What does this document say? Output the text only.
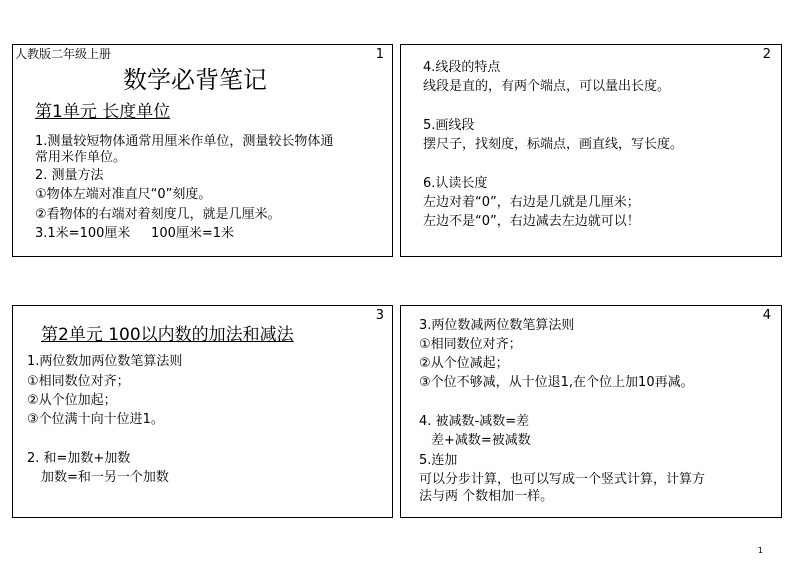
1
人教版二年级上册
数学必背笔记
第1单元 长度单位
1.测量较短物体通常用厘米作单位，测量较长物体通
常用米作单位。
2. 测量方法
①物体左端对准直尺“0”刻度。
②看物体的右端对着刻度几，就是几厘米。
3.1米=100厘米     100厘米=1米
2
4.线段的特点
线段是直的，有两个端点，可以量出长度。
5.画线段
摆尺子，找刻度，标端点，画直线，写长度。
6.认读长度
左边对着“0”，右边是几就是几厘米；
左边不是“0”，右边减去左边就可以！
3
第2单元 100以内数的加法和减法
1.两位数加两位数笔算法则
①相同数位对齐；
②从个位加起；
③个位满十向十位进1。
2. 和=加数+加数
加数=和一另一个加数
4
3.两位数减两位数笔算法则
①相同数位对齐；
②从个位减起；
③个位不够减，从十位退1,在个位上加10再减。
4. 被减数-减数=差
差+减数=被减数
5.连加
可以分步计算，也可以写成一个竖式计算，计算方
法与两 个数相加一样。
1
